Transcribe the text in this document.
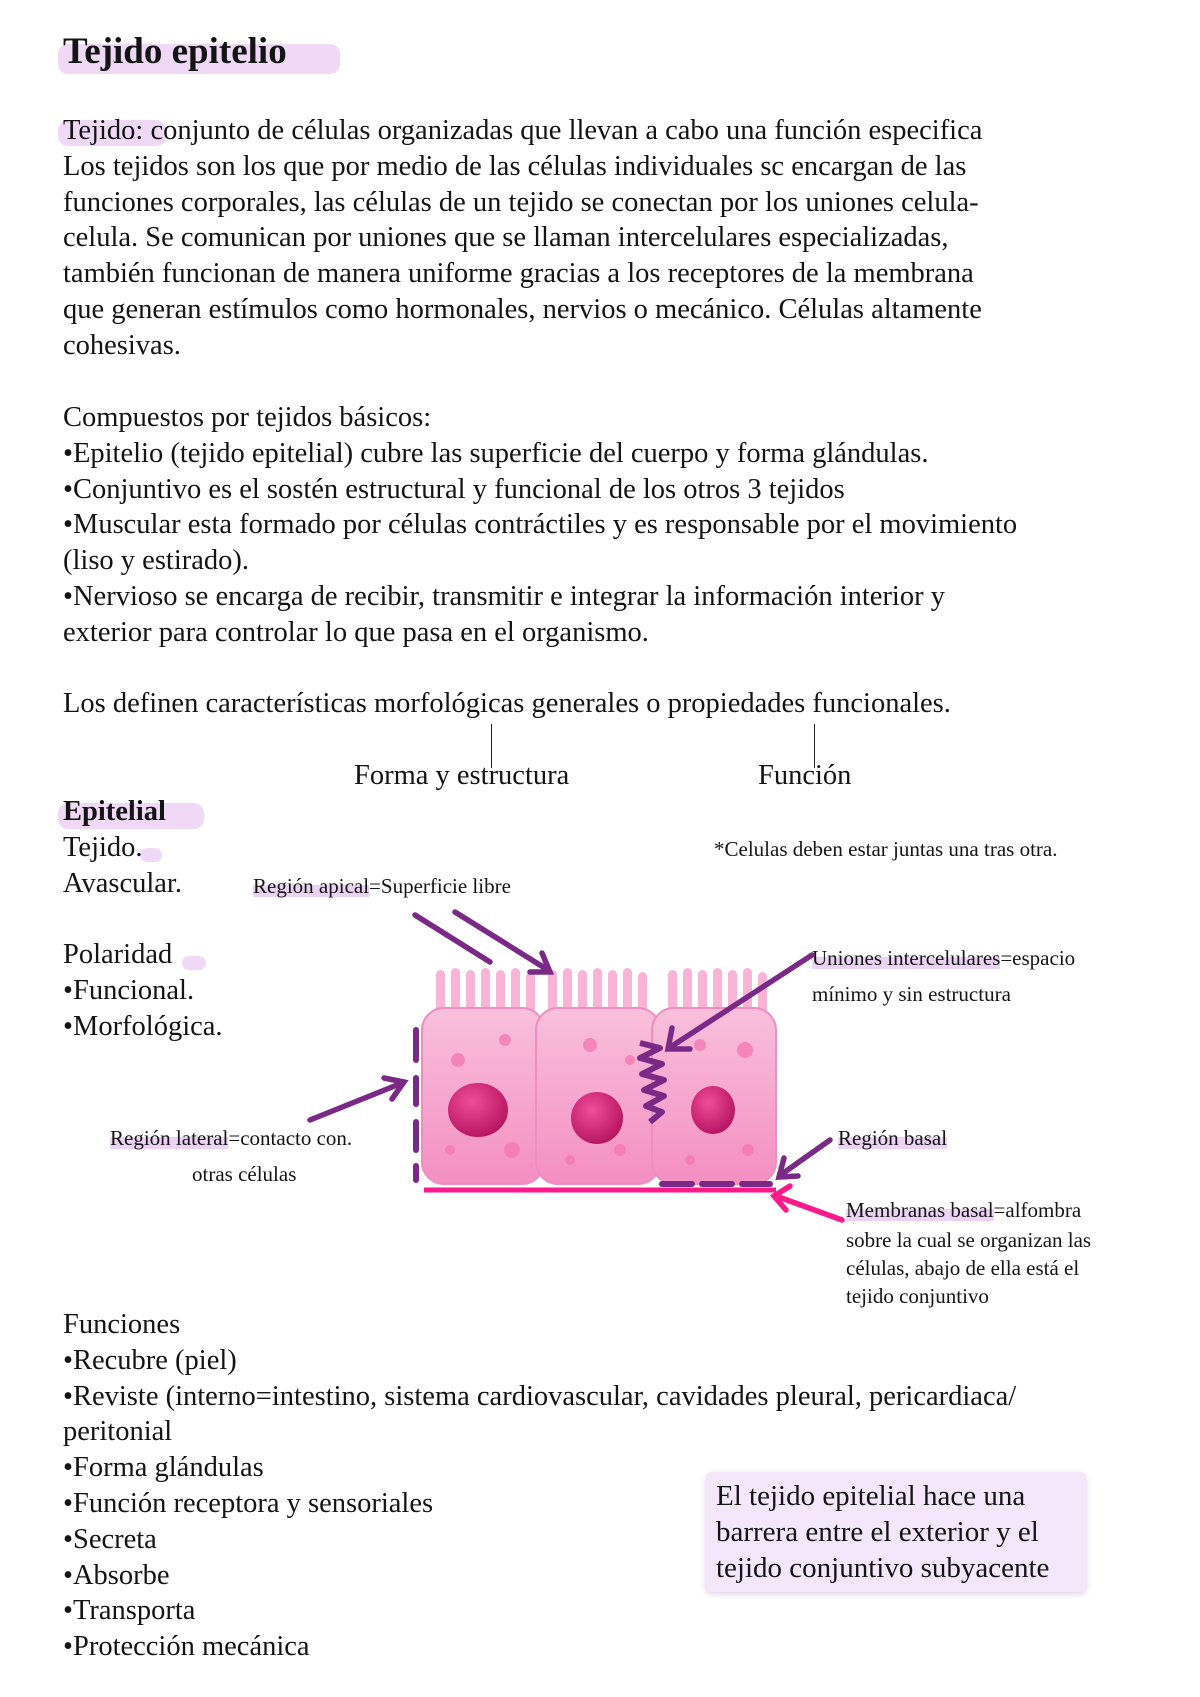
Tejido epitelio

Tejido: conjunto de células organizadas que llevan a cabo una función especifica

Los tejidos son los que por medio de las células individuales sc encargan de las

funciones corporales, las células de un tejido se conectan por los uniones celula-

celula. Se comunican por uniones que se llaman intercelulares especializadas,

también funcionan de manera uniforme gracias a los receptores de la membrana

que generan estímulos como hormonales, nervios o mecánico. Células altamente

cohesivas.

Compuestos por tejidos básicos:
•Epitelio (tejido epitelial) cubre las superficie del cuerpo y forma glándulas.
•Conjuntivo es el sostén estructural y funcional de los otros 3 tejidos
•Muscular esta formado por células contráctiles y es responsable por el movimiento
(liso y estirado).
•Nervioso se encarga de recibir, transmitir e integrar la información interior y
exterior para controlar lo que pasa en el organismo.
Los definen características morfológicas generales o propiedades funcionales.
Forma y estructura	Función
Epitelial
Tejido.
Avascular.
Polaridad
•Funcional.
•Morfológica.
*Celulas deben estar juntas una tras otra.
Región apical=Superficie libre
Uniones intercelulares=espacio
mínimo y sin estructura
Región lateral=contacto con.
otras células
Región basal
Membranas basal=alfombra
sobre la cual se organizan las
células, abajo de ella está el
tejido conjuntivo
Funciones
•Recubre (piel)
•Reviste (interno=intestino, sistema cardiovascular, cavidades pleural, pericardiaca/
peritonial
•Forma glándulas
•Función receptora y sensoriales
•Secreta
•Absorbe
•Transporta
•Protección mecánica
El tejido epitelial hace una
barrera entre el exterior y el
tejido conjuntivo subyacente
